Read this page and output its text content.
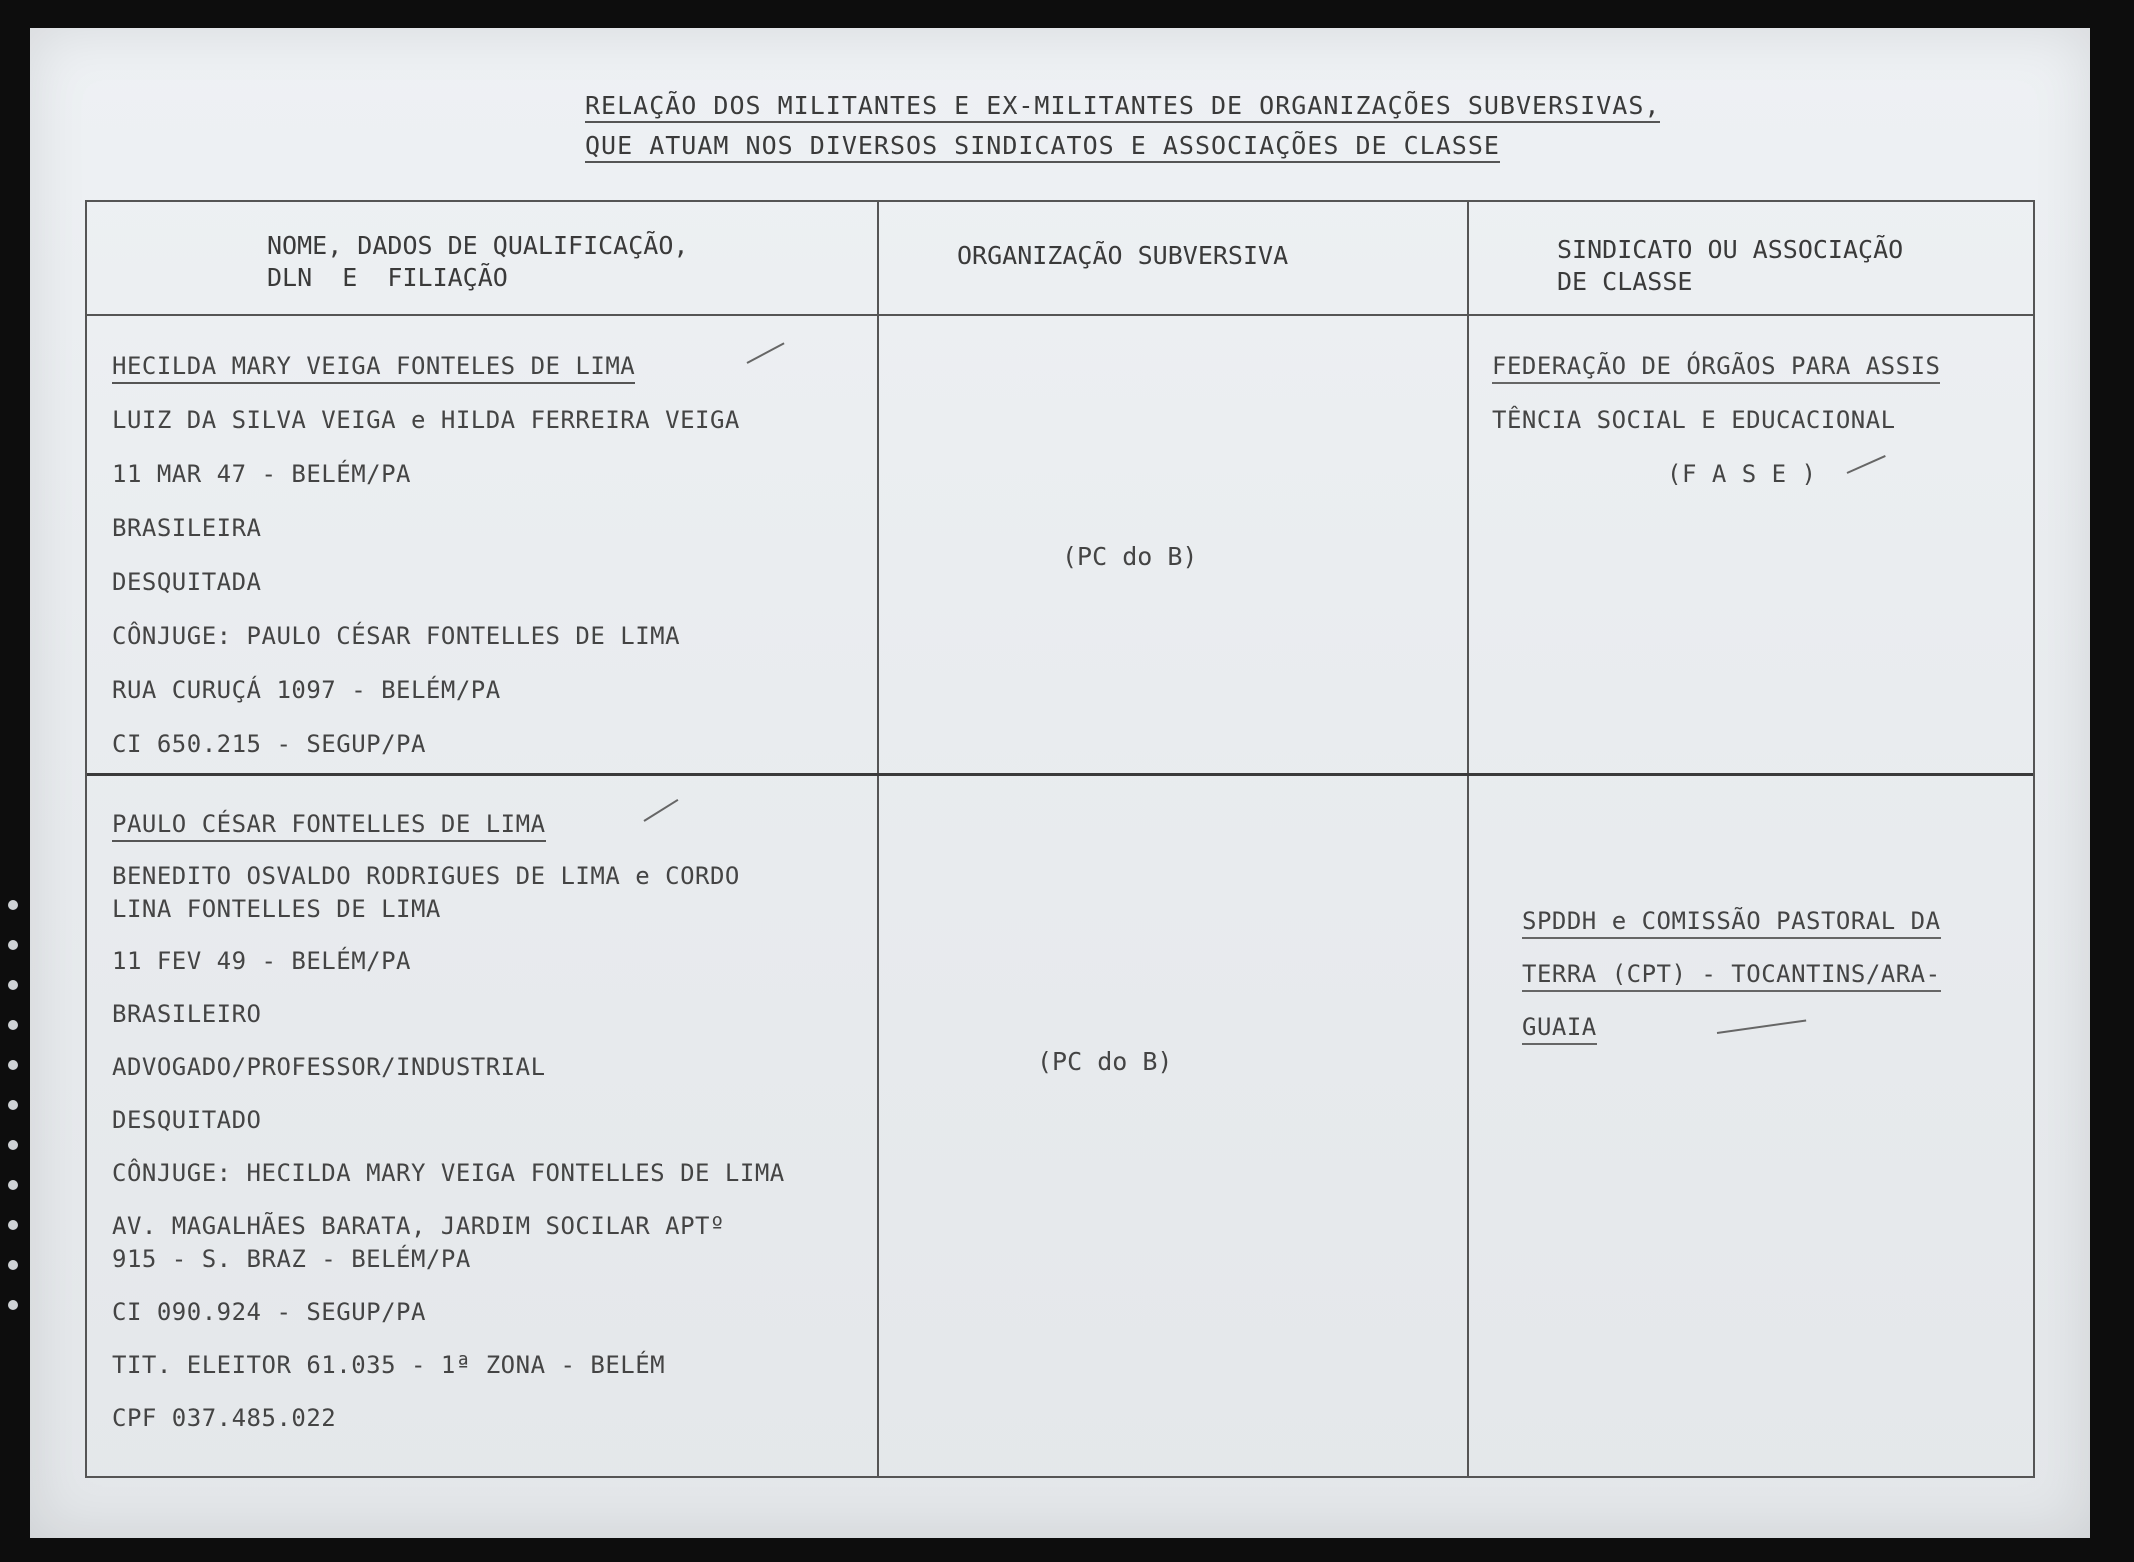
RELAÇÃO DOS MILITANTES E EX-MILITANTES DE ORGANIZAÇÕES SUBVERSIVAS,
QUE ATUAM NOS DIVERSOS SINDICATOS E ASSOCIAÇÕES DE CLASSE
NOME, DADOS DE QUALIFICAÇÃO,
DLN  E  FILIAÇÃO
ORGANIZAÇÃO SUBVERSIVA	SINDICATO OU ASSOCIAÇÃO
DE CLASSE
HECILDA MARY VEIGA FONTELES DE LIMA
LUIZ DA SILVA VEIGA e HILDA FERREIRA VEIGA
11 MAR 47 - BELÉM/PA
BRASILEIRA
DESQUITADA
CÔNJUGE: PAULO CÉSAR FONTELLES DE LIMA
RUA CURUÇÁ 1097 - BELÉM/PA
CI 650.215 - SEGUP/PA
(PC do B)
FEDERAÇÃO DE ÓRGÃOS PARA ASSIS
TÊNCIA SOCIAL E EDUCACIONAL
(F A S E )
PAULO CÉSAR FONTELLES DE LIMA
BENEDITO OSVALDO RODRIGUES DE LIMA e CORDO
LINA FONTELLES DE LIMA
11 FEV 49 - BELÉM/PA
BRASILEIRO
ADVOGADO/PROFESSOR/INDUSTRIAL
DESQUITADO
CÔNJUGE: HECILDA MARY VEIGA FONTELLES DE LIMA
AV. MAGALHÃES BARATA, JARDIM SOCILAR APTº
915 - S. BRAZ - BELÉM/PA
CI 090.924 - SEGUP/PA
TIT. ELEITOR 61.035 - 1ª ZONA - BELÉM
CPF 037.485.022
(PC do B)
SPDDH e COMISSÃO PASTORAL DA
TERRA (CPT) - TOCANTINS/ARA-
GUAIA
